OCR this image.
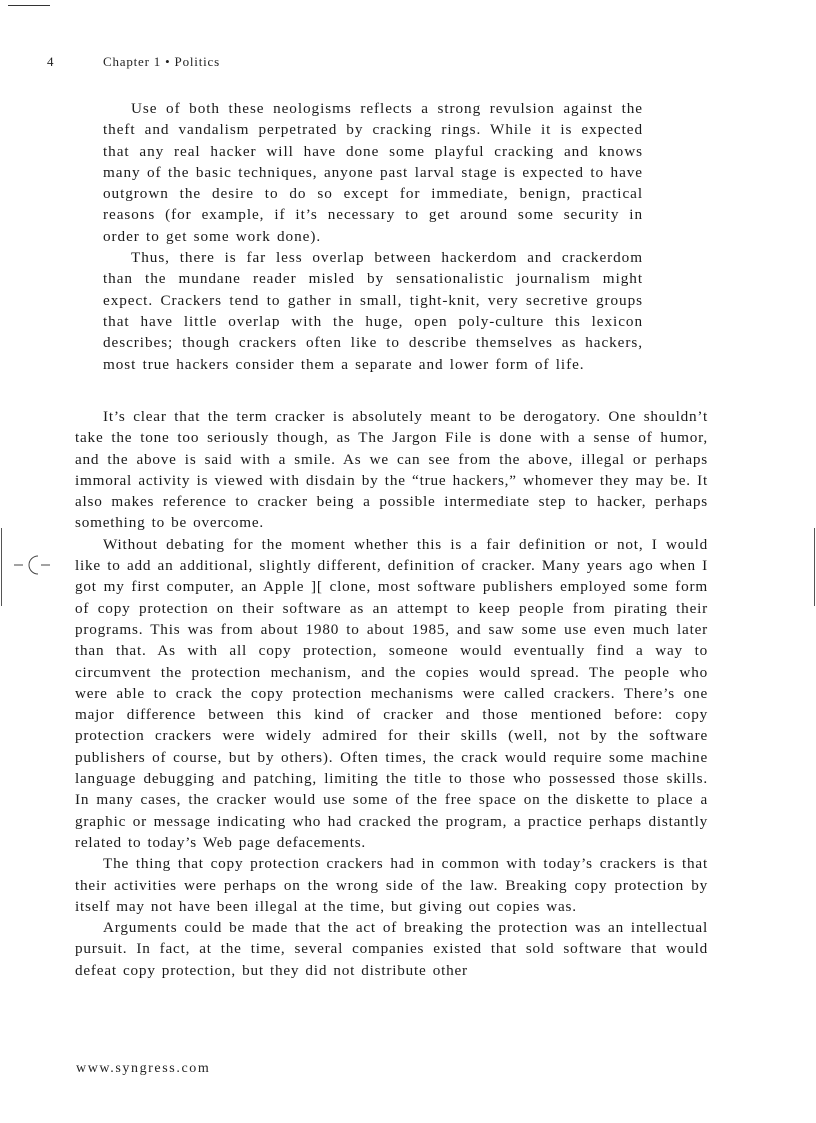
4	Chapter 1 • Politics

Use of both these neologisms reflects a strong revulsion against the theft and vandalism perpetrated by cracking rings. While it is expected that any real hacker will have done some playful cracking and knows many of the basic techniques, anyone past larval stage is expected to have outgrown the desire to do so except for immediate, benign, practical reasons (for example, if it’s necessary to get around some security in order to get some work done).

Thus, there is far less overlap between hackerdom and crackerdom than the mundane reader misled by sensationalistic journalism might expect. Crackers tend to gather in small, tight-knit, very secretive groups that have little overlap with the huge, open poly-culture this lexicon describes; though crackers often like to describe themselves as hackers, most true hackers consider them a separate and lower form of life.

It’s clear that the term cracker is absolutely meant to be derogatory. One shouldn’t take the tone too seriously though, as The Jargon File is done with a sense of humor, and the above is said with a smile. As we can see from the above, illegal or perhaps immoral activity is viewed with disdain by the “true hackers,” whomever they may be. It also makes reference to cracker being a possible intermediate step to hacker, perhaps something to be overcome.

Without debating for the moment whether this is a fair definition or not, I would like to add an additional, slightly different, definition of cracker. Many years ago when I got my first computer, an Apple ][ clone, most software publishers employed some form of copy protection on their software as an attempt to keep people from pirating their programs. This was from about 1980 to about 1985, and saw some use even much later than that. As with all copy protection, someone would eventually find a way to circumvent the protection mechanism, and the copies would spread. The people who were able to crack the copy protection mechanisms were called crackers. There’s one major difference between this kind of cracker and those mentioned before: copy protection crackers were widely admired for their skills (well, not by the software publishers of course, but by others). Often times, the crack would require some machine language debugging and patching, limiting the title to those who possessed those skills. In many cases, the cracker would use some of the free space on the diskette to place a graphic or message indicating who had cracked the program, a practice perhaps distantly related to today’s Web page defacements.

The thing that copy protection crackers had in common with today’s crackers is that their activities were perhaps on the wrong side of the law. Breaking copy protection by itself may not have been illegal at the time, but giving out copies was.

Arguments could be made that the act of breaking the protection was an intellectual pursuit. In fact, at the time, several companies existed that sold software that would defeat copy protection, but they did not distribute other

www.syngress.com
